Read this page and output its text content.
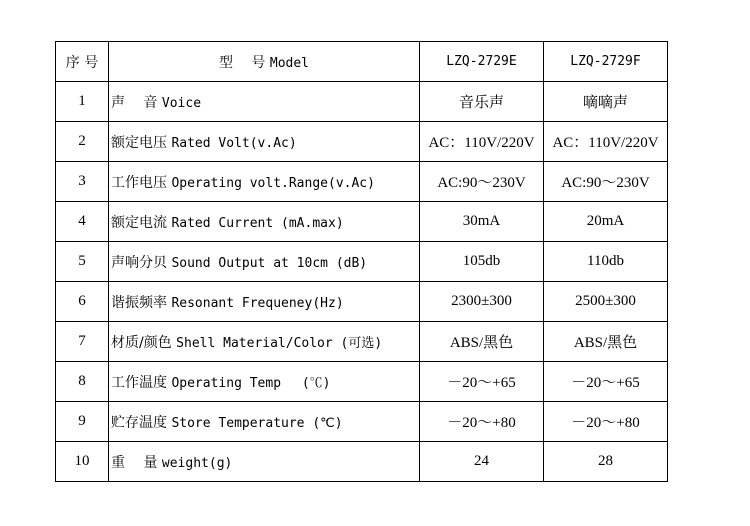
序 号	型　 号 Model	LZQ-2729E	LZQ-2729F
1	声　 音 Voice	音乐声	嘀嘀声
2	额定电压 Rated Volt(v.Ac)	AC：110V/220V	AC：110V/220V
3	工作电压 Operating volt.Range(v.Ac)	AC:90～230V	AC:90～230V
4	额定电流 Rated Current (mA.max)	30mA	20mA
5	声响分贝 Sound Output at 10cm (dB)	105db	110db
6	谐振频率 Resonant Frequeney(Hz)	2300±300	2500±300
7	材质/颜色 Shell Material/Color (可选)	ABS/黑色	ABS/黑色
8	工作温度 Operating Temp　 (℃)	－20～+65	－20～+65
9	贮存温度 Store Temperature (℃)	－20～+80	－20～+80
10	重　 量 weight(g)	24	28
